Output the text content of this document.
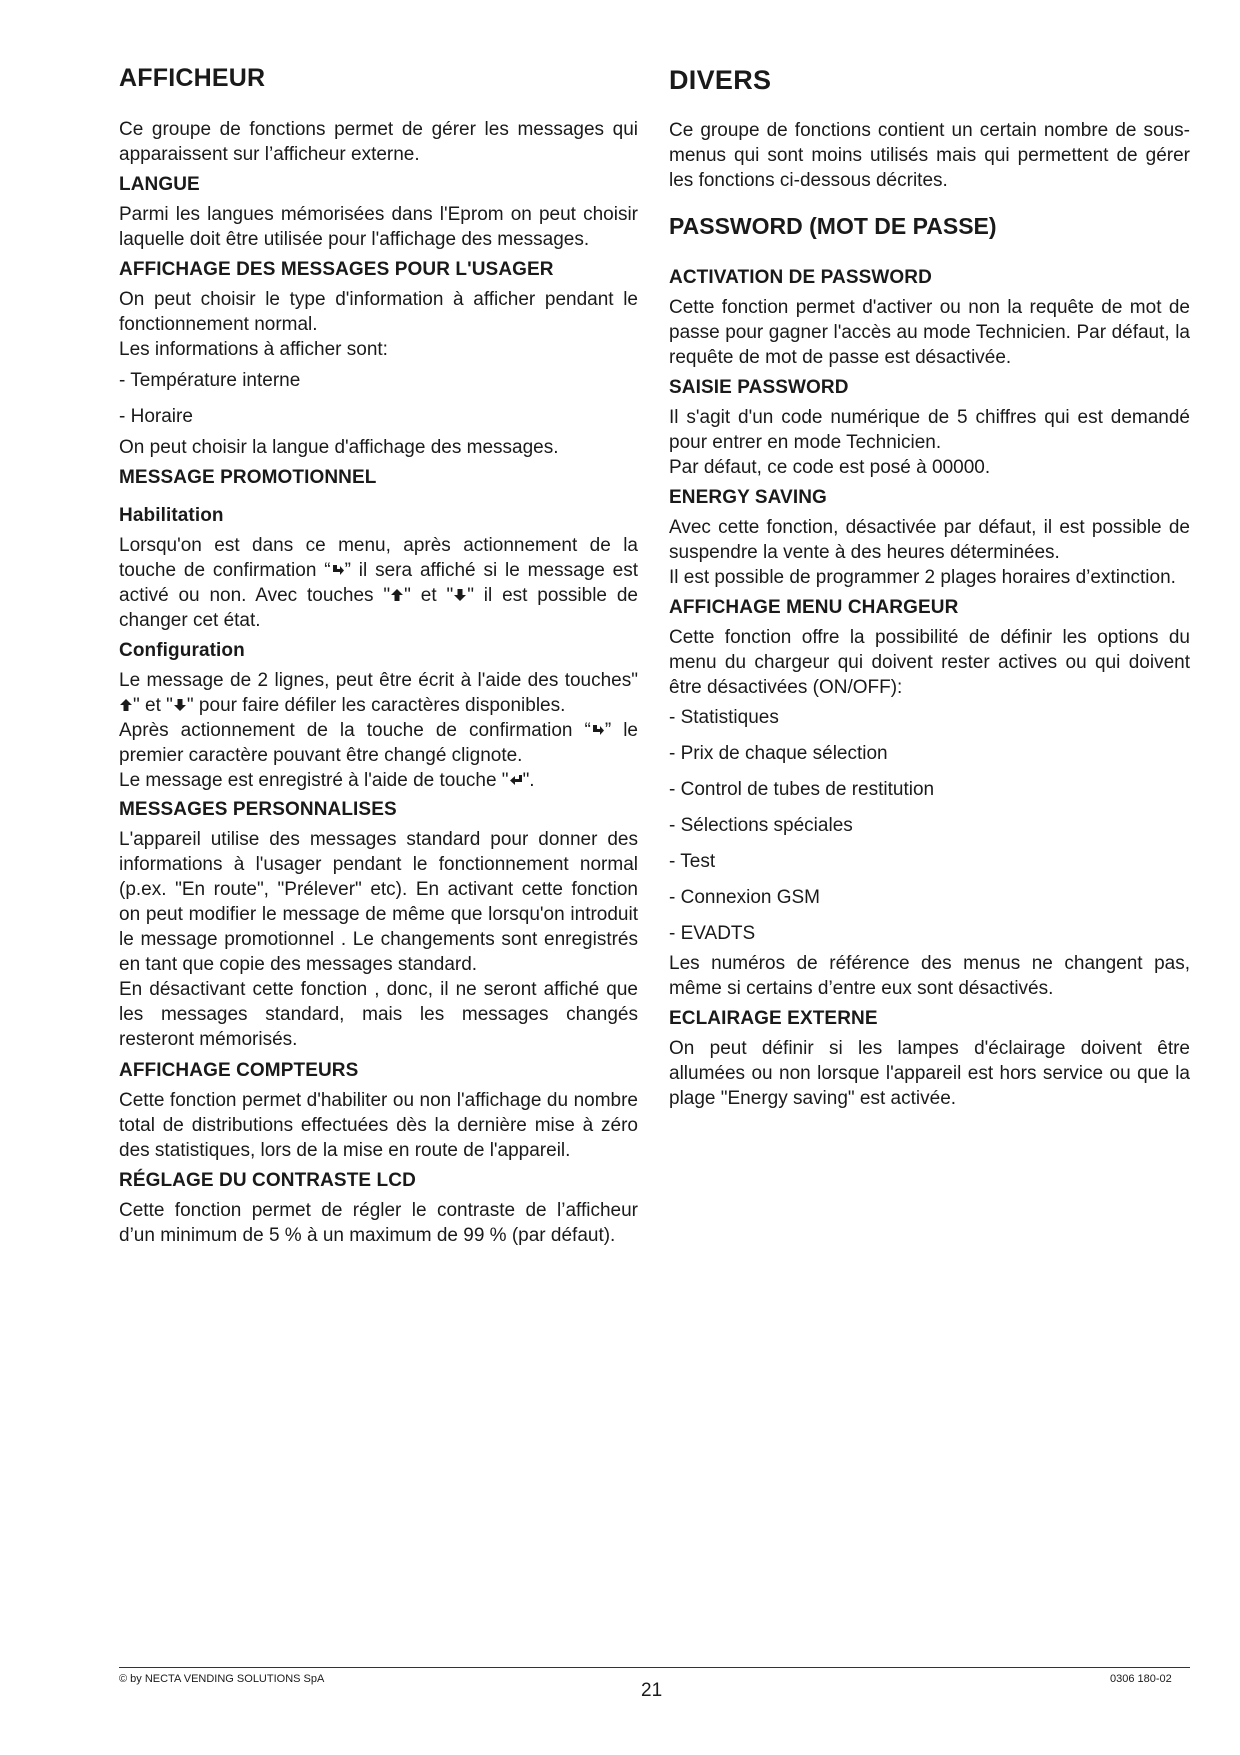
AFFICHEUR

Ce groupe de fonctions permet de gérer les messages qui apparaissent sur l’afficheur externe.

LANGUE

Parmi les langues mémorisées dans l'Eprom on peut choisir laquelle doit être utilisée pour l'affichage des messages.

AFFICHAGE DES MESSAGES POUR L'USAGER

On peut choisir le type d'information à afficher pendant le fonctionnement normal.

Les informations à afficher sont:

- Température interne

- Horaire

On peut choisir la langue d'affichage des messages.

MESSAGE PROMOTIONNEL
Habilitation

Lorsqu'on est dans ce menu, après actionnement de la touche de confirmation “ ” il sera affiché si le message est activé ou non. Avec touches " " et " " il est possible de changer cet état.

Configuration

Le message de 2 lignes, peut être écrit à l'aide des touches"" et " " pour faire défiler les caractères disponibles.

Après actionnement de la touche de confirmation “ ” le premier caractère pouvant être changé clignote.

Le message est enregistré à l'aide de touche " ".

MESSAGES PERSONNALISES

L'appareil utilise des messages standard pour donner des informations à l'usager pendant le fonctionnement normal (p.ex. "En route", "Prélever" etc). En activant cette fonction on peut modifier le message de même que lorsqu'on introduit le message promotionnel . Le changements sont enregistrés en tant que copie des messages standard.

En désactivant cette fonction , donc, il ne seront affiché que les messages standard, mais les messages changés resteront mémorisés.

AFFICHAGE COMPTEURS

Cette fonction permet d'habiliter ou non l'affichage du nombre total de distributions effectuées dès la dernière mise à zéro des statistiques, lors de la mise en route de l'appareil.

RÉGLAGE DU CONTRASTE LCD

Cette fonction permet de régler le contraste de l’afficheur d’un minimum de 5 % à un maximum de 99 % (par défaut).

DIVERS

Ce groupe de fonctions contient un certain nombre de sous-menus qui sont moins utilisés mais qui permettent de gérer les fonctions ci-dessous décrites.

PASSWORD (MOT DE PASSE)
ACTIVATION DE PASSWORD

Cette fonction permet d'activer ou non la requête de mot de passe pour gagner l'accès au mode Technicien. Par défaut, la requête de mot de passe est désactivée.

SAISIE PASSWORD

Il s'agit d'un code numérique de 5 chiffres qui est demandé pour entrer en mode Technicien.

Par défaut, ce code est posé à 00000.

ENERGY SAVING

Avec cette fonction, désactivée par défaut, il est possible de suspendre la vente à des heures déterminées.

Il est possible de programmer 2 plages horaires d’extinction.

AFFICHAGE MENU CHARGEUR

Cette fonction offre la possibilité de définir les options du menu du chargeur qui doivent rester actives ou qui doivent être désactivées (ON/OFF):

- Statistiques

- Prix de chaque sélection

- Control de tubes de restitution

- Sélections spéciales

- Test

- Connexion GSM

- EVADTS

Les numéros de référence des menus ne changent pas, même si certains d’entre eux sont désactivés.

ECLAIRAGE EXTERNE

On peut définir si les lampes d'éclairage doivent être allumées ou non lorsque l'appareil est hors service ou que la plage "Energy saving" est activée.

© by NECTA VENDING SOLUTIONS SpA
21
0306 180-02
